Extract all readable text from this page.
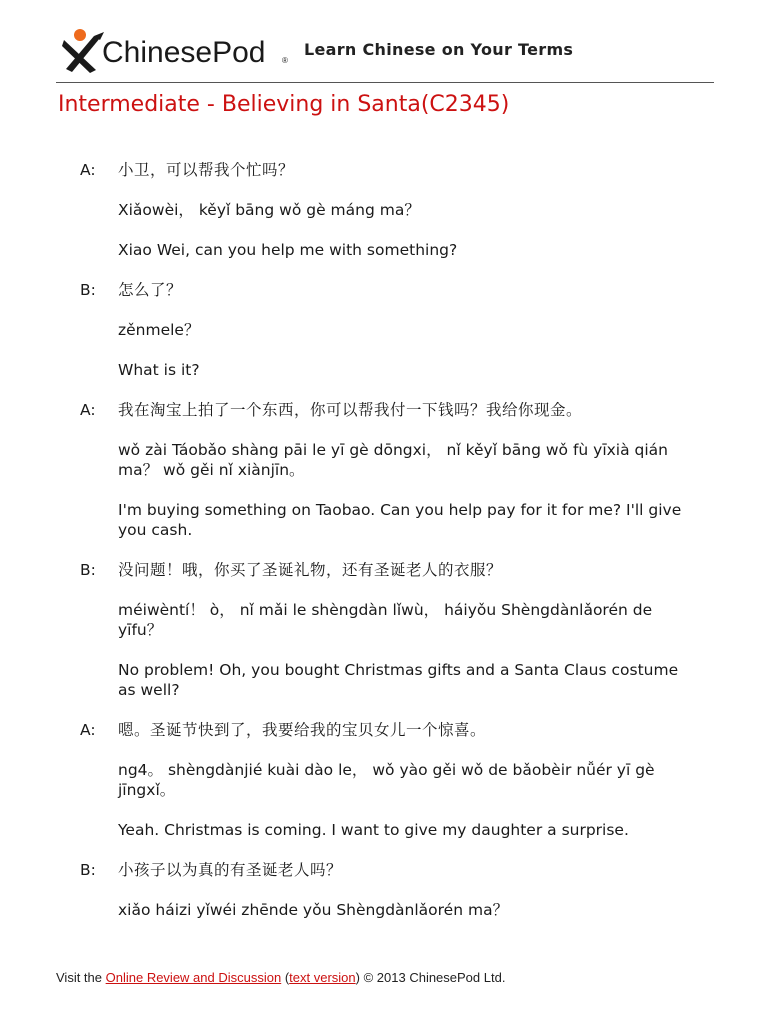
ChinesePod ®
Learn Chinese on Your Terms
Intermediate - Believing in Santa(C2345)
A:	小卫，可以帮我个忙吗？
Xiǎowèi， kěyǐ bāng wǒ gè máng ma？
Xiao Wei, can you help me with something?
B:	怎么了？
zěnmele？
What is it?
A:	我在淘宝上拍了一个东西，你可以帮我付一下钱吗？我给你现金。
wǒ zài Táobǎo shàng pāi le yī gè dōngxi， nǐ kěyǐ bāng wǒ fù yīxià qián ma？ wǒ gěi nǐ xiànjīn。
I'm buying something on Taobao. Can you help pay for it for me? I'll give you cash.
B:	没问题！哦，你买了圣诞礼物，还有圣诞老人的衣服？
méiwèntí！ ò， nǐ mǎi le shèngdàn lǐwù， háiyǒu Shèngdànlǎorén de yīfu？
No problem! Oh, you bought Christmas gifts and a Santa Claus costume as well?
A:	嗯。圣诞节快到了，我要给我的宝贝女儿一个惊喜。
ng4。 shèngdànjié kuài dào le， wǒ yào gěi wǒ de bǎobèir nǚér yī gè jīngxǐ。
Yeah. Christmas is coming. I want to give my daughter a surprise.
B:	小孩子以为真的有圣诞老人吗？
xiǎo háizi yǐwéi zhēnde yǒu Shèngdànlǎorén ma？
Visit the Online Review and Discussion (text version) © 2013 ChinesePod Ltd.
